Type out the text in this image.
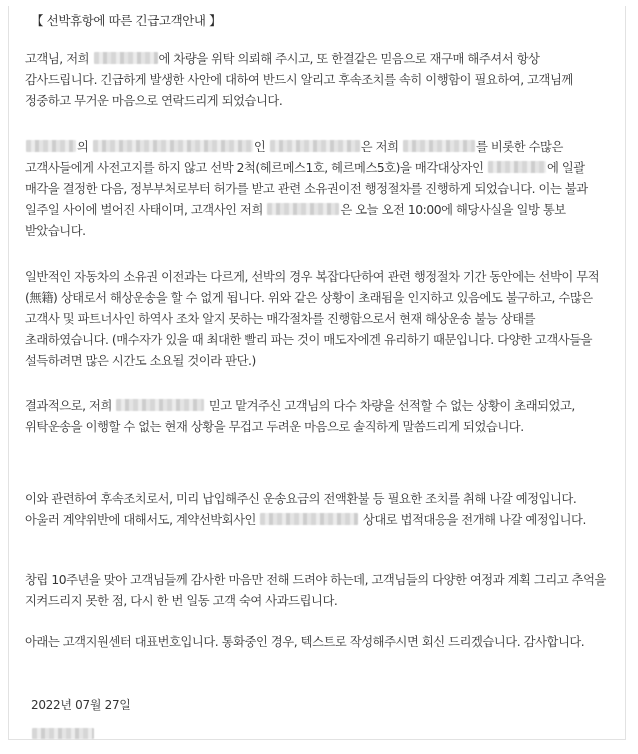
【 선박휴항에 따른 긴급고객안내 】
고객님, 저희	에 차량을 위탁 의뢰해 주시고, 또 한결같은 믿음으로 재구매 해주셔서 항상 감사드립니다. 긴급하게 발생한 사안에 대하여 반드시 알리고 후속조치를 속히 이행함이 필요하여, 고객님께 정중하고 무거운 마음으로 연락드리게 되었습니다.
의	인	은 저희	를 비롯한 수많은 고객사들에게 사전고지를 하지 않고 선박 2척(헤르메스1호, 헤르메스5호)을 매각대상자인	에 일괄 매각을 결정한 다음, 정부부처로부터 허가를 받고 관련 소유권이전 행정절차를 진행하게 되었습니다. 이는 불과 일주일 사이에 벌어진 사태이며, 고객사인 저희	은 오늘 오전 10:00에 해당사실을 일방 통보 받았습니다.
일반적인 자동차의 소유권 이전과는 다르게, 선박의 경우 복잡다단하여 관련 행정절차 기간 동안에는 선박이 무적(無籍) 상태로서 해상운송을 할 수 없게 됩니다. 위와 같은 상황이 초래됨을 인지하고 있음에도 불구하고, 수많은 고객사 및 파트너사인 하역사 조차 알지 못하는 매각절차를 진행함으로서 현재 해상운송 불능 상태를 초래하였습니다. (매수자가 있을 때 최대한 빨리 파는 것이 매도자에겐 유리하기 때문입니다. 다양한 고객사들을 설득하려면 많은 시간도 소요될 것이라 판단.)
결과적으로, 저희	믿고 맡겨주신 고객님의 다수 차량을 선적할 수 없는 상황이 초래되었고, 위탁운송을 이행할 수 없는 현재 상황을 무겁고 두려운 마음으로 솔직하게 말씀드리게 되었습니다.
이와 관련하여 후속조치로서, 미리 납입해주신 운송요금의 전액환불 등 필요한 조치를 취해 나갈 예정입니다. 아울러 계약위반에 대해서도, 계약선박회사인	상대로 법적대응을 전개해 나갈 예정입니다.
창립 10주년을 맞아 고객님들께 감사한 마음만 전해 드려야 하는데, 고객님들의 다양한 여정과 계획 그리고 추억을 지켜드리지 못한 점, 다시 한 번 일동 고객 숙여 사과드립니다.
아래는 고객지원센터 대표번호입니다. 통화중인 경우, 텍스트로 작성해주시면 회신 드리겠습니다. 감사합니다.
2022년 07월 27일
